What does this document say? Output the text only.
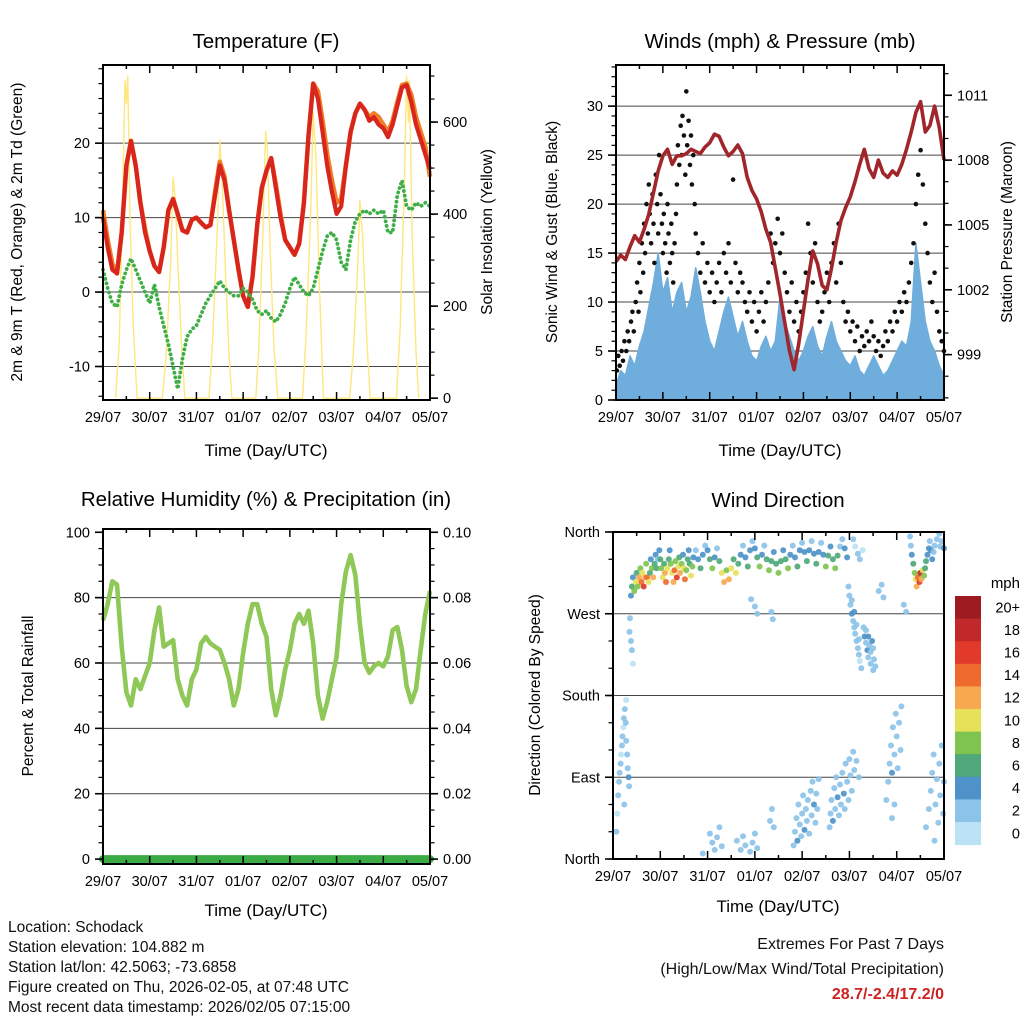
29/07 30/07 31/07 01/07 02/07 03/07 04/07 05/07
-10
0
10
20
0
200
400
600
Temperature (F)
Time (Day/UTC)
2m & 9m T (Red, Orange) & 2m Td (Green)	Solar Insolation (Yellow)
29/07 30/07 31/07 01/07 02/07 03/07 04/07 05/07
0
5
10
15
20
25
30
999
1002
1005
1008
1011
Winds (mph) & Pressure (mb)
Time (Day/UTC)
Sonic Wind & Gust (Blue, Black)	Station Pressure (Maroon)
29/07 30/07 31/07 01/07 02/07 03/07 04/07 05/07
0
20
40
60
80
100
0.00
0.02
0.04
0.06
0.08
0.10
Relative Humidity (%) & Precipitation (in)
Time (Day/UTC)
Percent & Total Rainfall
29/07 30/07 31/07 01/07 02/07 03/07 04/07 05/07
North
East
South
West
North
20+
18
16
14
12
10
8
6
4
2
0
Wind Direction
Time (Day/UTC)
Direction (Colored By Speed)
mph
Location: Schodack
Station elevation: 104.882 m
Station lat/lon: 42.5063; -73.6858
Figure created on Thu, 2026-02-05, at 07:48 UTC
Most recent data timestamp: 2026/02/05 07:15:00
Extremes For Past 7 Days
(High/Low/Max Wind/Total Precipitation)
28.7/-2.4/17.2/0
